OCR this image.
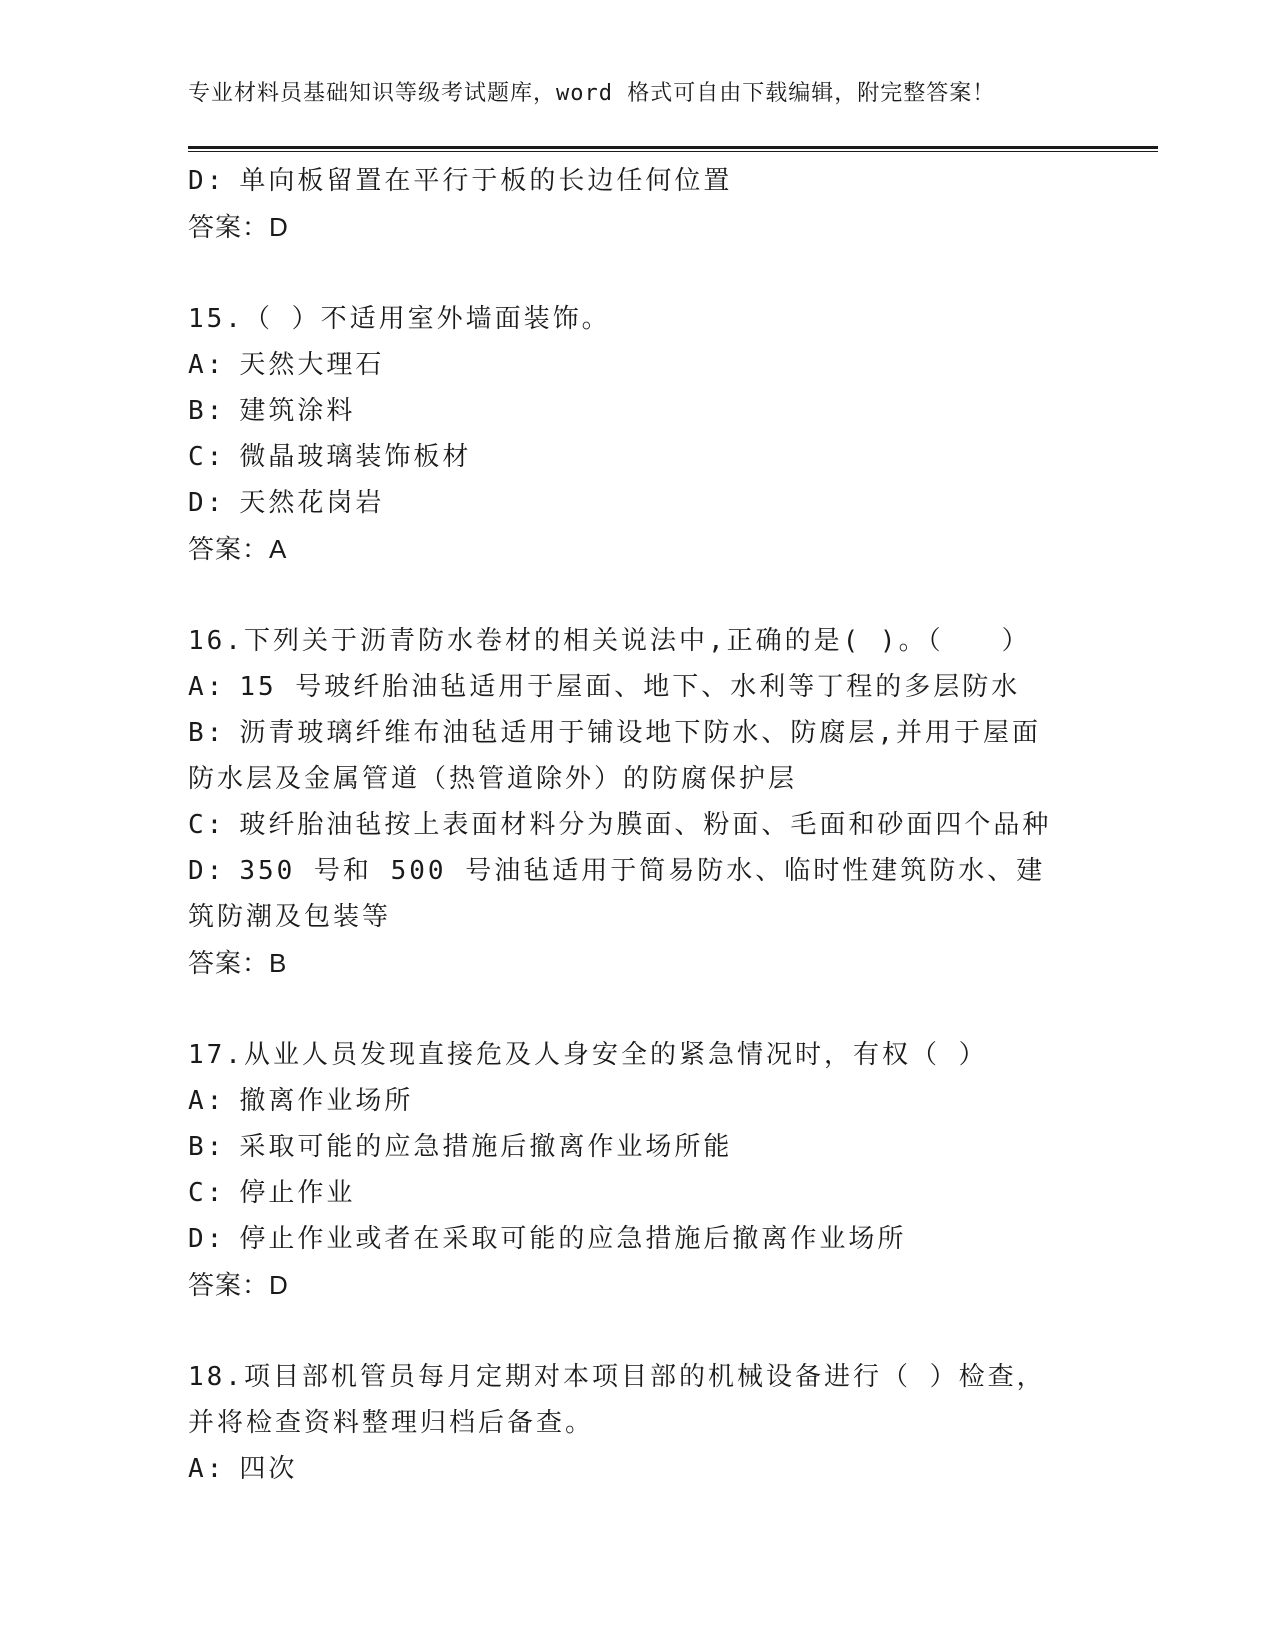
专业材料员基础知识等级考试题库，word 格式可自由下载编辑，附完整答案！
D: 单向板留置在平行于板的长边任何位置
答案：D
15.（ ）不适用室外墙面装饰。
A: 天然大理石
B: 建筑涂料
C: 微晶玻璃装饰板材
D: 天然花岗岩
答案：A
16.下列关于沥青防水卷材的相关说法中,正确的是( )。（　　）
A: 15 号玻纤胎油毡适用于屋面、地下、水利等丁程的多层防水
B: 沥青玻璃纤维布油毡适用于铺设地下防水、防腐层,并用于屋面防水层及金属管道（热管道除外）的防腐保护层
C: 玻纤胎油毡按上表面材料分为膜面、粉面、毛面和砂面四个品种
D: 350 号和 500 号油毡适用于简易防水、临时性建筑防水、建筑防潮及包装等
答案：B
17.从业人员发现直接危及人身安全的紧急情况时，有权（ ）
A: 撤离作业场所
B: 采取可能的应急措施后撤离作业场所能
C: 停止作业
D: 停止作业或者在采取可能的应急措施后撤离作业场所
答案：D
18.项目部机管员每月定期对本项目部的机械设备进行（ ）检查，并将检查资料整理归档后备查。
A: 四次
